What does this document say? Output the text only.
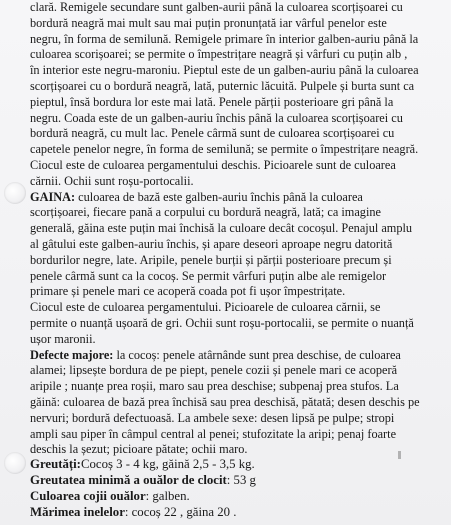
clară. Remigele secundare sunt galben-aurii până la culoarea scorțișoarei cu
bordură neagră mai mult sau mai puțin pronunțată iar vârful penelor este
negru, în forma de semilună. Remigele primare în interior galben-auriu până la
culoarea scorișoarei; se permite o împestrițare neagră și vârfuri cu puțin alb ,
în interior este negru-maroniu. Pieptul este de un galben-auriu până la culoarea
scorțișoarei cu o bordură neagră, lată, puternic lăcuită. Pulpele și burta sunt ca
pieptul, însă bordura lor este mai lată. Penele părții posterioare gri până la
negru. Coada este de un galben-auriu închis până la culoarea scorțișoarei cu
bordură neagră, cu mult lac. Penele cârmă sunt de culoarea scorțișoarei cu
capetele penelor negre, în forma de semilună; se permite o împestrițare neagră.
Ciocul este de culoarea pergamentului deschis. Picioarele sunt de culoarea
cărnii. Ochii sunt roșu-portocalii.
GAINA: culoarea de bază este galben-auriu închis până la culoarea
scorțișoarei, fiecare pană a corpului cu bordură neagră, lată; ca imagine
generală, găina este puțin mai închisă la culoare decât cocoșul. Penajul amplu
al gâtului este galben-auriu închis, și apare deseori aproape negru datorită
bordurilor negre, late. Aripile, penele burții și părții posterioare precum și
penele cârmă sunt ca la cocoș. Se permit vârfuri puțin albe ale remigelor
primare și penele mari ce acoperă coada pot fi ușor împestrițate.
Ciocul este de culoarea pergamentului. Picioarele de culoarea cărnii, se
permite o nuanță ușoară de gri. Ochii sunt roșu-portocalii, se permite o nuanță
ușor maronii.
Defecte majore: la cocoș: penele atârnânde sunt prea deschise, de culoarea
alamei; lipsește bordura de pe piept, penele cozii și penele mari ce acoperă
aripile ; nuanțe prea roșii, maro sau prea deschise; subpenaj prea stufos. La
găină: culoarea de bază prea închisă sau prea deschisă, pătată; desen deschis pe
nervuri; bordură defectuoasă. La ambele sexe: desen lipsă pe pulpe; stropi
ampli sau piper în câmpul central al penei; stufozitate la aripi; penaj foarte
deschis la șezut; picioare pătate; ochii maro.
Greutăți:Cocoș 3 - 4 kg, găină 2,5 - 3,5 kg.
Greutatea minimă a ouălor de clocit: 53 g
Culoarea cojii ouălor: galben.
Mărimea inelelor: cocoș 22 , găina 20 .
